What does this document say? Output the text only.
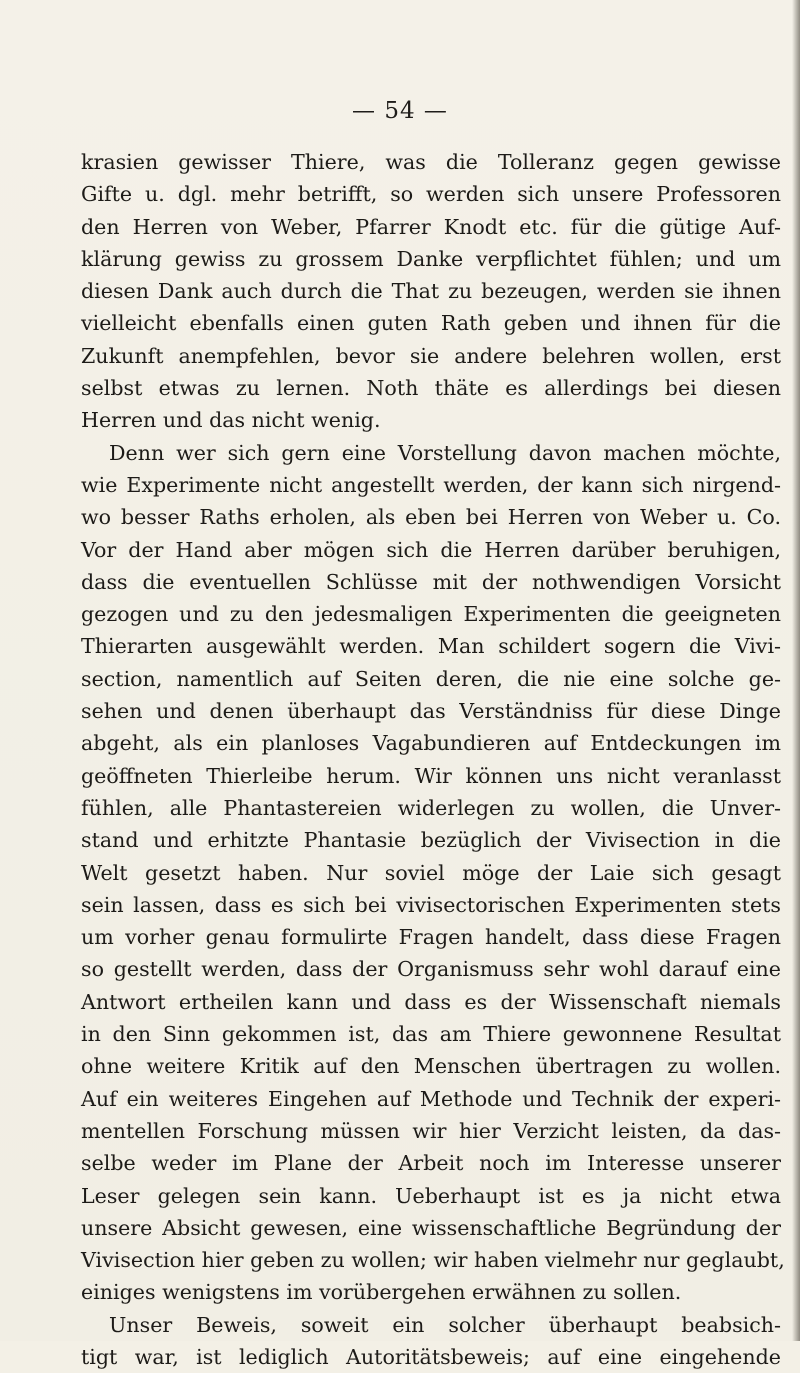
— 54 —
krasien gewisser Thiere, was die Tolleranz gegen gewisse
Gifte u. dgl. mehr betrifft, so werden sich unsere Professoren
den Herren von Weber, Pfarrer Knodt etc. für die gütige Auf-
klärung gewiss zu grossem Danke verpflichtet fühlen; und um
diesen Dank auch durch die That zu bezeugen, werden sie ihnen
vielleicht ebenfalls einen guten Rath geben und ihnen für die
Zukunft anempfehlen, bevor sie andere belehren wollen, erst
selbst etwas zu lernen. Noth thäte es allerdings bei diesen
Herren und das nicht wenig.
Denn wer sich gern eine Vorstellung davon machen möchte,
wie Experimente nicht angestellt werden, der kann sich nirgend-
wo besser Raths erholen, als eben bei Herren von Weber u. Co.
Vor der Hand aber mögen sich die Herren darüber beruhigen,
dass die eventuellen Schlüsse mit der nothwendigen Vorsicht
gezogen und zu den jedesmaligen Experimenten die geeigneten
Thierarten ausgewählt werden. Man schildert sogern die Vivi-
section, namentlich auf Seiten deren, die nie eine solche ge-
sehen und denen überhaupt das Verständniss für diese Dinge
abgeht, als ein planloses Vagabundieren auf Entdeckungen im
geöffneten Thierleibe herum. Wir können uns nicht veranlasst
fühlen, alle Phantastereien widerlegen zu wollen, die Unver-
stand und erhitzte Phantasie bezüglich der Vivisection in die
Welt gesetzt haben. Nur soviel möge der Laie sich gesagt
sein lassen, dass es sich bei vivisectorischen Experimenten stets
um vorher genau formulirte Fragen handelt, dass diese Fragen
so gestellt werden, dass der Organismuss sehr wohl darauf eine
Antwort ertheilen kann und dass es der Wissenschaft niemals
in den Sinn gekommen ist, das am Thiere gewonnene Resultat
ohne weitere Kritik auf den Menschen übertragen zu wollen.
Auf ein weiteres Eingehen auf Methode und Technik der experi-
mentellen Forschung müssen wir hier Verzicht leisten, da das-
selbe weder im Plane der Arbeit noch im Interesse unserer
Leser gelegen sein kann. Ueberhaupt ist es ja nicht etwa
unsere Absicht gewesen, eine wissenschaftliche Begründung der
Vivisection hier geben zu wollen; wir haben vielmehr nur geglaubt,
einiges wenigstens im vorübergehen erwähnen zu sollen.
Unser Beweis, soweit ein solcher überhaupt beabsich-
tigt war, ist lediglich Autoritätsbeweis; auf eine eingehende
